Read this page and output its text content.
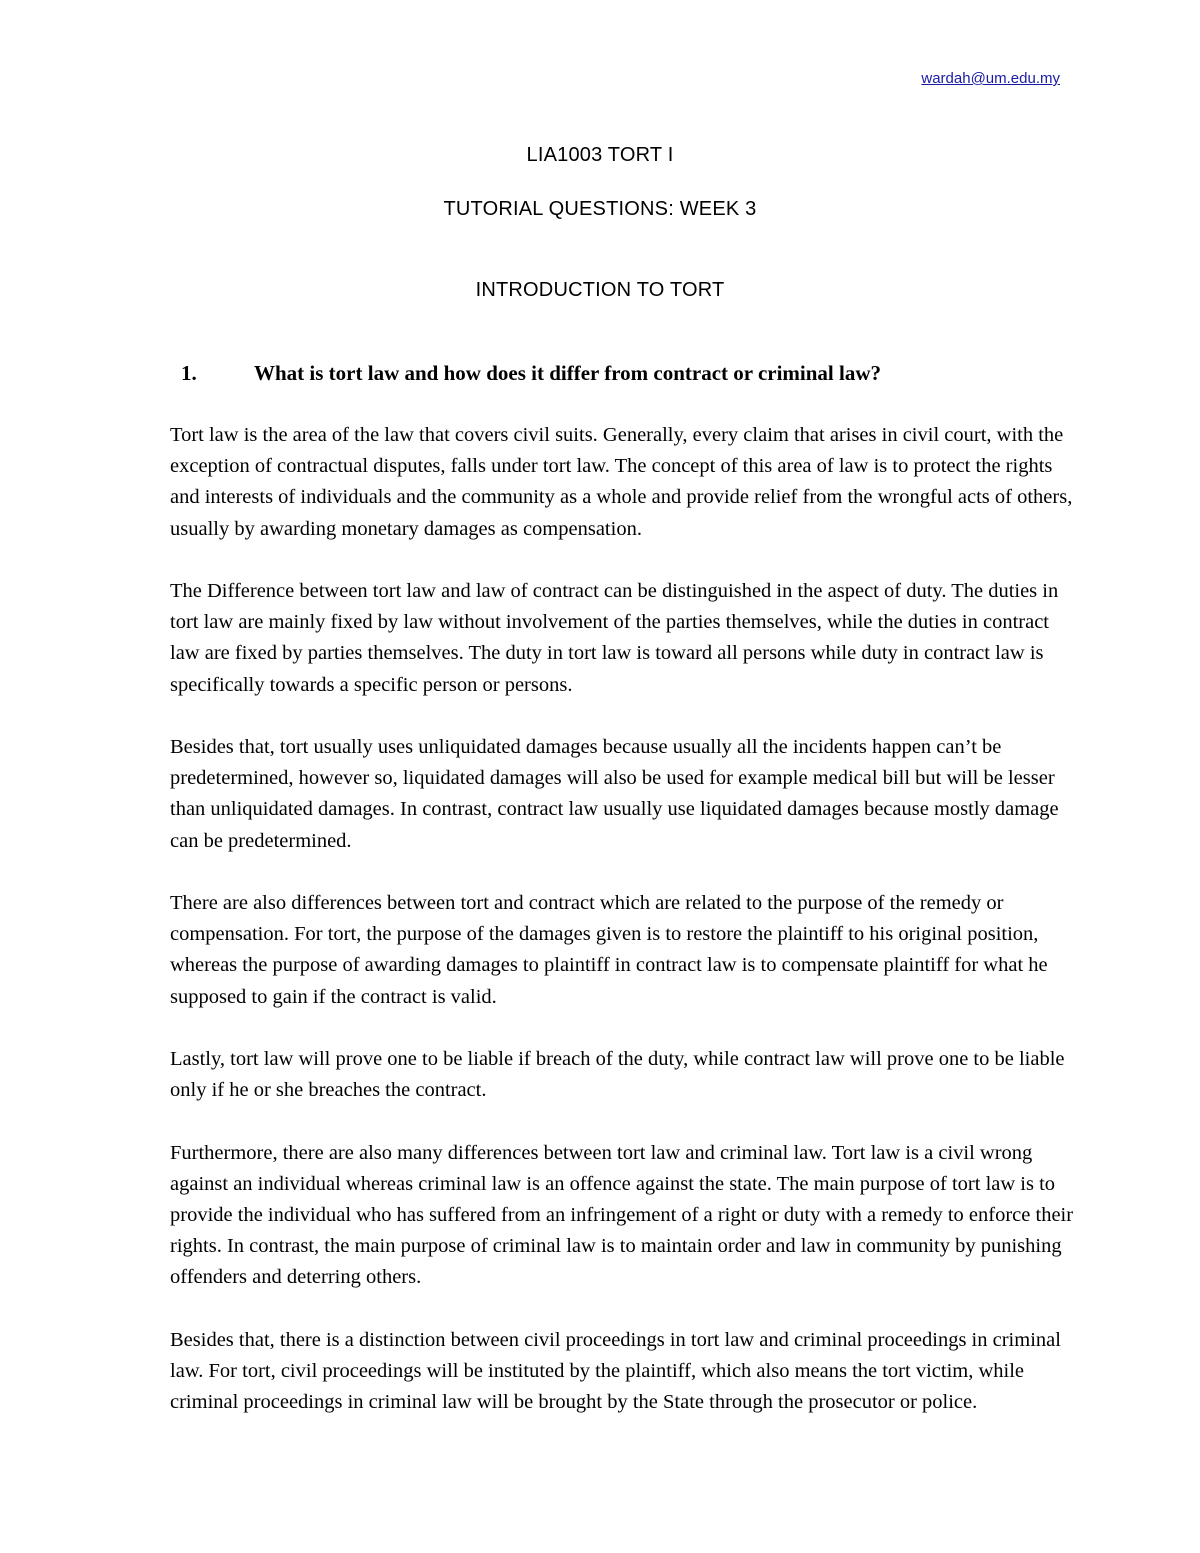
wardah@um.edu.my
LIA1003 TORT I
TUTORIAL QUESTIONS: WEEK 3
INTRODUCTION TO TORT
1.	What is tort law and how does it differ from contract or criminal law?

Tort law is the area of the law that covers civil suits. Generally, every claim that arises in civil court, with the exception of contractual disputes, falls under tort law. The concept of this area of law is to protect the rights and interests of individuals and the community as a whole and provide relief from the wrongful acts of others, usually by awarding monetary damages as compensation.

The Difference between tort law and law of contract can be distinguished in the aspect of duty. The duties in tort law are mainly fixed by law without involvement of the parties themselves, while the duties in contract law are fixed by parties themselves. The duty in tort law is toward all persons while duty in contract law is specifically towards a specific person or persons.

Besides that, tort usually uses unliquidated damages because usually all the incidents happen can’t be predetermined, however so, liquidated damages will also be used for example medical bill but will be lesser than unliquidated damages. In contrast, contract law usually use liquidated damages because mostly damage can be predetermined.

There are also differences between tort and contract which are related to the purpose of the remedy or compensation. For tort, the purpose of the damages given is to restore the plaintiff to his original position, whereas the purpose of awarding damages to plaintiff in contract law is to compensate plaintiff for what he supposed to gain if the contract is valid.

Lastly, tort law will prove one to be liable if breach of the duty, while contract law will prove one to be liable only if he or she breaches the contract.

Furthermore, there are also many differences between tort law and criminal law. Tort law is a civil wrong against an individual whereas criminal law is an offence against the state. The main purpose of tort law is to provide the individual who has suffered from an infringement of a right or duty with a remedy to enforce their rights. In contrast, the main purpose of criminal law is to maintain order and law in community by punishing offenders and deterring others.

Besides that, there is a distinction between civil proceedings in tort law and criminal proceedings in criminal law. For tort, civil proceedings will be instituted by the plaintiff, which also means the tort victim, while criminal proceedings in criminal law will be brought by the State through the prosecutor or police.
